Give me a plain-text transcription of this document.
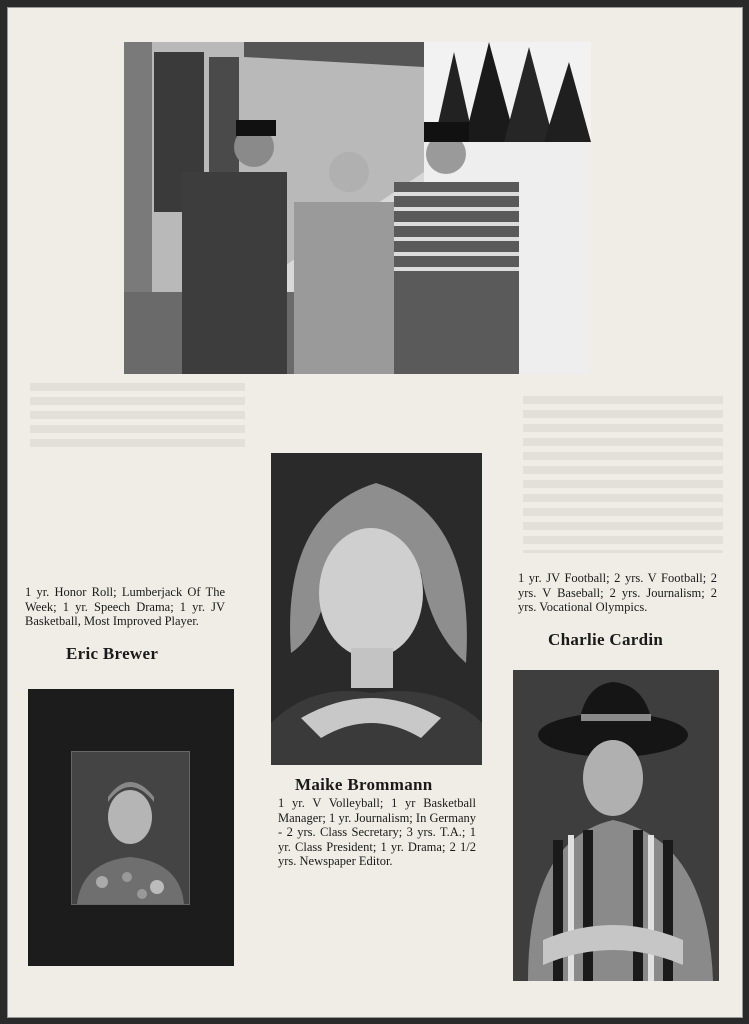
1 yr. Honor Roll; Lumberjack Of The Week; 1 yr. Speech Drama; 1 yr. JV Basketball, Most Improved Player.
Eric Brewer
Maike Brommann
1 yr. V Volleyball; 1 yr Basketball Manager; 1 yr. Journalism; In Germany - 2 yrs. Class Secretary; 3 yrs. T.A.; 1 yr. Class President; 1 yr. Drama; 2 1/2 yrs. Newspaper Editor.
1 yr. JV Football; 2 yrs. V Football; 2 yrs. V Baseball; 2 yrs. Journalism; 2 yrs. Vocational Olympics.
Charlie Cardin
